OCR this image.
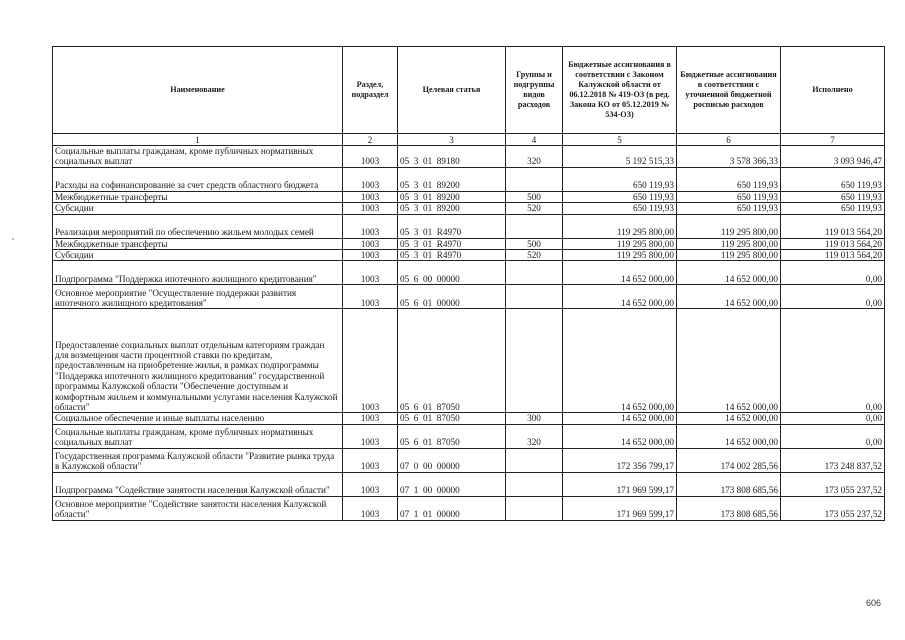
Наименование	Раздел, подраздел	Целевая статья	Группы и подгруппы видов расходов	Бюджетные ассигнования в соответствии с Законом Калужской области от 06.12.2018 № 419-ОЗ (в ред. Закона КО от 05.12.2019 № 534-ОЗ)	Бюджетные ассигнования в соответствии с уточненной бюджетной росписью расходов	Исполнено
1	2	3	4	5	6	7
Социальные выплаты гражданам, кроме публичных нормативных социальных выплат	1003	05  3  01  89180	320	5 192 515,33	3 578 366,33	3 093 946,47
Расходы на софинансирование за счет средств областного бюджета	1003	05  3  01  89200		650 119,93	650 119,93	650 119,93
Межбюджетные трансферты	1003	05  3  01  89200	500	650 119,93	650 119,93	650 119,93
Субсидии	1003	05  3  01  89200	520	650 119,93	650 119,93	650 119,93
Реализация мероприятий по обеспечению жильем молодых семей	1003	05  3  01  R4970		119 295 800,00	119 295 800,00	119 013 564,20
Межбюджетные трансферты	1003	05  3  01  R4970	500	119 295 800,00	119 295 800,00	119 013 564,20
Субсидии	1003	05  3  01  R4970	520	119 295 800,00	119 295 800,00	119 013 564,20
Подпрограмма "Поддержка ипотечного жилищного кредитования"	1003	05  6  00  00000		14 652 000,00	14 652 000,00	0,00
Основное мероприятие "Осуществление поддержки развития ипотечного жилищного кредитования"	1003	05  6  01  00000		14 652 000,00	14 652 000,00	0,00
Предоставление социальных выплат отдельным категориям граждан для возмещения части процентной ставки по кредитам, предоставленным на приобретение жилья, в рамках подпрограммы "Поддержка ипотечного жилищного кредитования" государственной программы Калужской области "Обеспечение доступным и комфортным жильем и коммунальными услугами населения Калужской области"	1003	05  6  01  87050		14 652 000,00	14 652 000,00	0,00
Социальное обеспечение и иные выплаты населению	1003	05  6  01  87050	300	14 652 000,00	14 652 000,00	0,00
Социальные выплаты гражданам, кроме публичных нормативных социальных выплат	1003	05  6  01  87050	320	14 652 000,00	14 652 000,00	0,00
Государственная программа Калужской области "Развитие рынка труда в Калужской области"	1003	07  0  00  00000		172 356 799,17	174 002 285,56	173 248 837,52
Подпрограмма "Содействие занятости населения Калужской области"	1003	07  1  00  00000		171 969 599,17	173 808 685,56	173 055 237,52
Основное мероприятие "Содействие занятости населения Калужской области"	1003	07  1  01  00000		171 969 599,17	173 808 685,56	173 055 237,52
606
